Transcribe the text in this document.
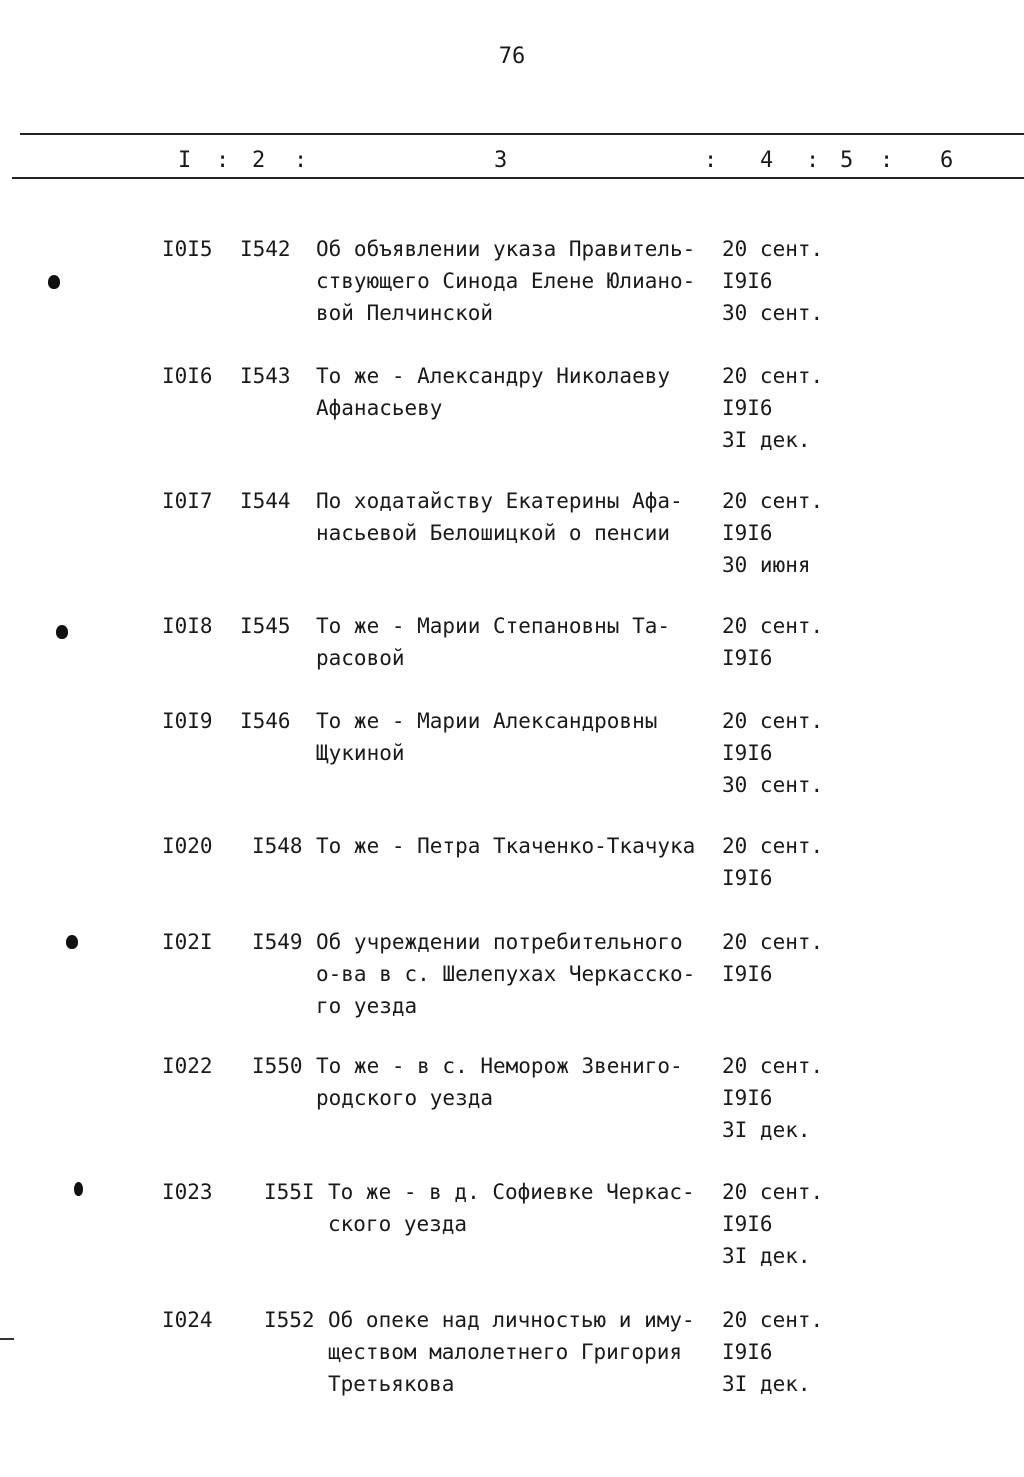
76
I : 2 :	3	: 4 : 5 : 6
I0I5 I542 Об объявлении указа Правитель-
ствующего Синода Елене Юлиано-
вой Пелчинской
20 сент.
I9I6
30 сент.
I0I6 I543 То же - Александру Николаеву
Афанасьеву
20 сент.
I9I6
3I дек.
I0I7 I544 По ходатайству Екатерины Афа-
насьевой Белошицкой о пенсии
20 сент.
I9I6
30 июня
I0I8 I545 То же - Марии Степановны Та-
расовой
20 сент.
I9I6
I0I9 I546 То же - Марии Александровны
Щукиной
20 сент.
I9I6
30 сент.
I020 I548 То же - Петра Ткаченко-Ткачука 20 сент.
I9I6
I02I I549 Об учреждении потребительного
о-ва в с. Шелепухах Черкасско-
го уезда
20 сент.
I9I6
I022 I550 То же - в с. Неморож Звениго-
родского уезда
20 сент.
I9I6
3I дек.
I023 I55I То же - в д. Софиевке Черкас-
ского уезда
20 сент.
I9I6
3I дек.
I024 I552 Об опеке над личностью и иму-
ществом малолетнего Григория
Третьякова
20 сент.
I9I6
3I дек.
